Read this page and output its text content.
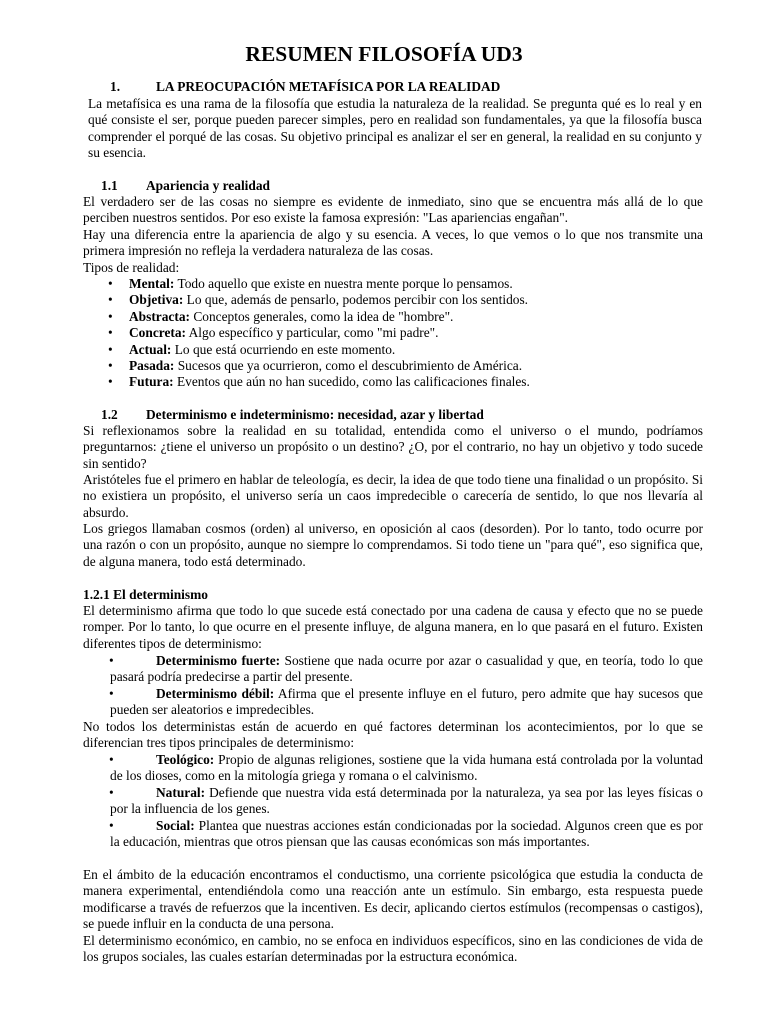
RESUMEN FILOSOFÍA UD3
1.	LA PREOCUPACIÓN METAFÍSICA POR LA REALIDAD
La metafísica es una rama de la filosofía que estudia la naturaleza de la realidad. Se pregunta qué es lo real y en qué consiste el ser, porque pueden parecer simples, pero en realidad son fundamentales, ya que la filosofía busca comprender el porqué de las cosas. Su objetivo principal es analizar el ser en general, la realidad en su conjunto y su esencia.
1.1 Apariencia y realidad
El verdadero ser de las cosas no siempre es evidente de inmediato, sino que se encuentra más allá de lo que perciben nuestros sentidos. Por eso existe la famosa expresión: "Las apariencias engañan".
Hay una diferencia entre la apariencia de algo y su esencia. A veces, lo que vemos o lo que nos transmite una primera impresión no refleja la verdadera naturaleza de las cosas.
Tipos de realidad:
• Mental: Todo aquello que existe en nuestra mente porque lo pensamos.
• Objetiva: Lo que, además de pensarlo, podemos percibir con los sentidos.
• Abstracta: Conceptos generales, como la idea de "hombre".
• Concreta: Algo específico y particular, como "mi padre".
• Actual: Lo que está ocurriendo en este momento.
• Pasada: Sucesos que ya ocurrieron, como el descubrimiento de América.
• Futura: Eventos que aún no han sucedido, como las calificaciones finales.
1.2 Determinismo e indeterminismo: necesidad, azar y libertad
Si reflexionamos sobre la realidad en su totalidad, entendida como el universo o el mundo, podríamos preguntarnos: ¿tiene el universo un propósito o un destino? ¿O, por el contrario, no hay un objetivo y todo sucede sin sentido?
Aristóteles fue el primero en hablar de teleología, es decir, la idea de que todo tiene una finalidad o un propósito. Si no existiera un propósito, el universo sería un caos impredecible o carecería de sentido, lo que nos llevaría al absurdo.
Los griegos llamaban cosmos (orden) al universo, en oposición al caos (desorden). Por lo tanto, todo ocurre por una razón o con un propósito, aunque no siempre lo comprendamos. Si todo tiene un "para qué", eso significa que, de alguna manera, todo está determinado.
1.2.1 El determinismo
El determinismo afirma que todo lo que sucede está conectado por una cadena de causa y efecto que no se puede romper. Por lo tanto, lo que ocurre en el presente influye, de alguna manera, en lo que pasará en el futuro. Existen diferentes tipos de determinismo:
•	Determinismo fuerte: Sostiene que nada ocurre por azar o casualidad y que, en teoría, todo lo que pasará podría predecirse a partir del presente.
•	Determinismo débil: Afirma que el presente influye en el futuro, pero admite que hay sucesos que pueden ser aleatorios e impredecibles.
No todos los deterministas están de acuerdo en qué factores determinan los acontecimientos, por lo que se diferencian tres tipos principales de determinismo:
•	Teológico: Propio de algunas religiones, sostiene que la vida humana está controlada por la voluntad de los dioses, como en la mitología griega y romana o el calvinismo.
•	Natural: Defiende que nuestra vida está determinada por la naturaleza, ya sea por las leyes físicas o por la influencia de los genes.
•	Social: Plantea que nuestras acciones están condicionadas por la sociedad. Algunos creen que es por la educación, mientras que otros piensan que las causas económicas son más importantes.
En el ámbito de la educación encontramos el conductismo, una corriente psicológica que estudia la conducta de manera experimental, entendiéndola como una reacción ante un estímulo. Sin embargo, esta respuesta puede modificarse a través de refuerzos que la incentiven. Es decir, aplicando ciertos estímulos (recompensas o castigos), se puede influir en la conducta de una persona.
El determinismo económico, en cambio, no se enfoca en individuos específicos, sino en las condiciones de vida de los grupos sociales, las cuales estarían determinadas por la estructura económica.
